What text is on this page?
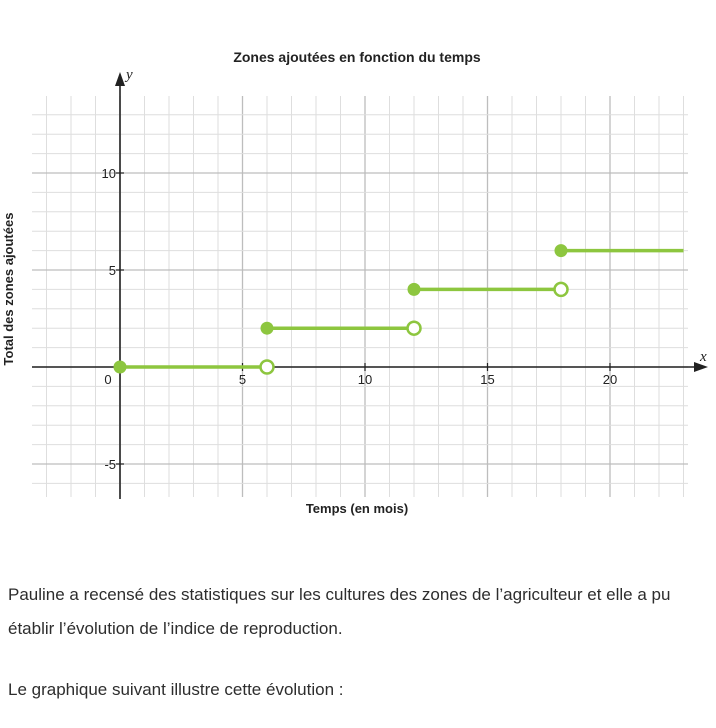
0	5	10	15	20
10
5
-5
Zones ajoutées en fonction du temps
Temps (en mois)
Total des zones ajoutées	x
y

Pauline a recensé des statistiques sur les cultures des zones de l’agriculteur et elle a pu établir l’évolution de l’indice de reproduction.

Le graphique suivant illustre cette évolution :
